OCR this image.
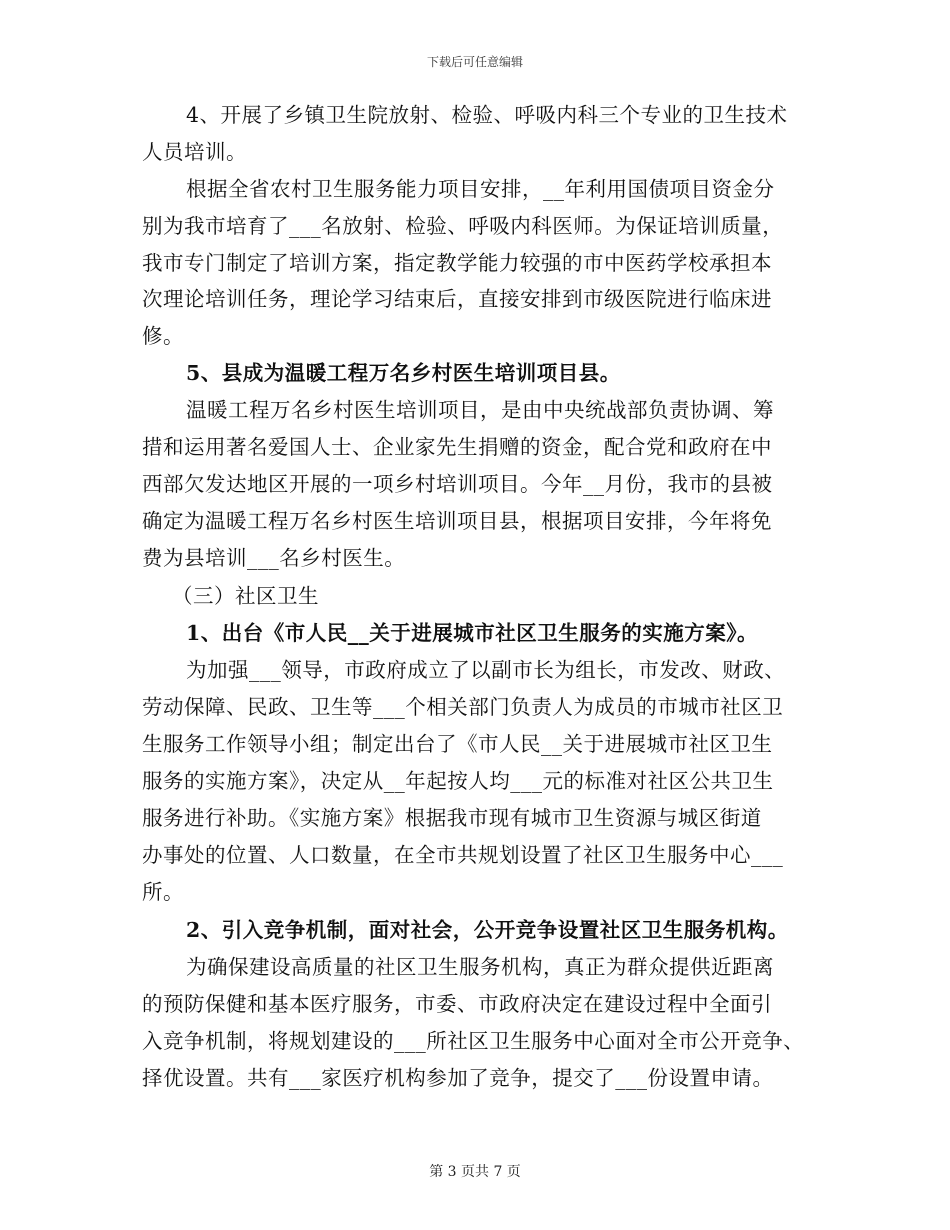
下载后可任意编辑
4、开展了乡镇卫生院放射、检验、呼吸内科三个专业的卫生技术
人员培训。
根据全省农村卫生服务能力项目安排，__年利用国债项目资金分
别为我市培育了___名放射、检验、呼吸内科医师。为保证培训质量，
我市专门制定了培训方案，指定教学能力较强的市中医药学校承担本
次理论培训任务，理论学习结束后，直接安排到市级医院进行临床进
修。
5、县成为温暖工程万名乡村医生培训项目县。
温暖工程万名乡村医生培训项目，是由中央统战部负责协调、筹
措和运用著名爱国人士、企业家先生捐赠的资金，配合党和政府在中
西部欠发达地区开展的一项乡村培训项目。今年__月份，我市的县被
确定为温暖工程万名乡村医生培训项目县，根据项目安排，今年将免
费为县培训___名乡村医生。
（三）社区卫生
1、出台《市人民__关于进展城市社区卫生服务的实施方案》。
为加强___领导，市政府成立了以副市长为组长，市发改、财政、
劳动保障、民政、卫生等___个相关部门负责人为成员的市城市社区卫
生服务工作领导小组；制定出台了《市人民__关于进展城市社区卫生
服务的实施方案》，决定从__年起按人均___元的标准对社区公共卫生
服务进行补助。《实施方案》根据我市现有城市卫生资源与城区街道
办事处的位置、人口数量，在全市共规划设置了社区卫生服务中心___
所。
2、引入竞争机制，面对社会，公开竞争设置社区卫生服务机构。
为确保建设高质量的社区卫生服务机构，真正为群众提供近距离
的预防保健和基本医疗服务，市委、市政府决定在建设过程中全面引
入竞争机制，将规划建设的___所社区卫生服务中心面对全市公开竞争、
择优设置。共有___家医疗机构参加了竞争，提交了___份设置申请。
第 3 页共 7 页
